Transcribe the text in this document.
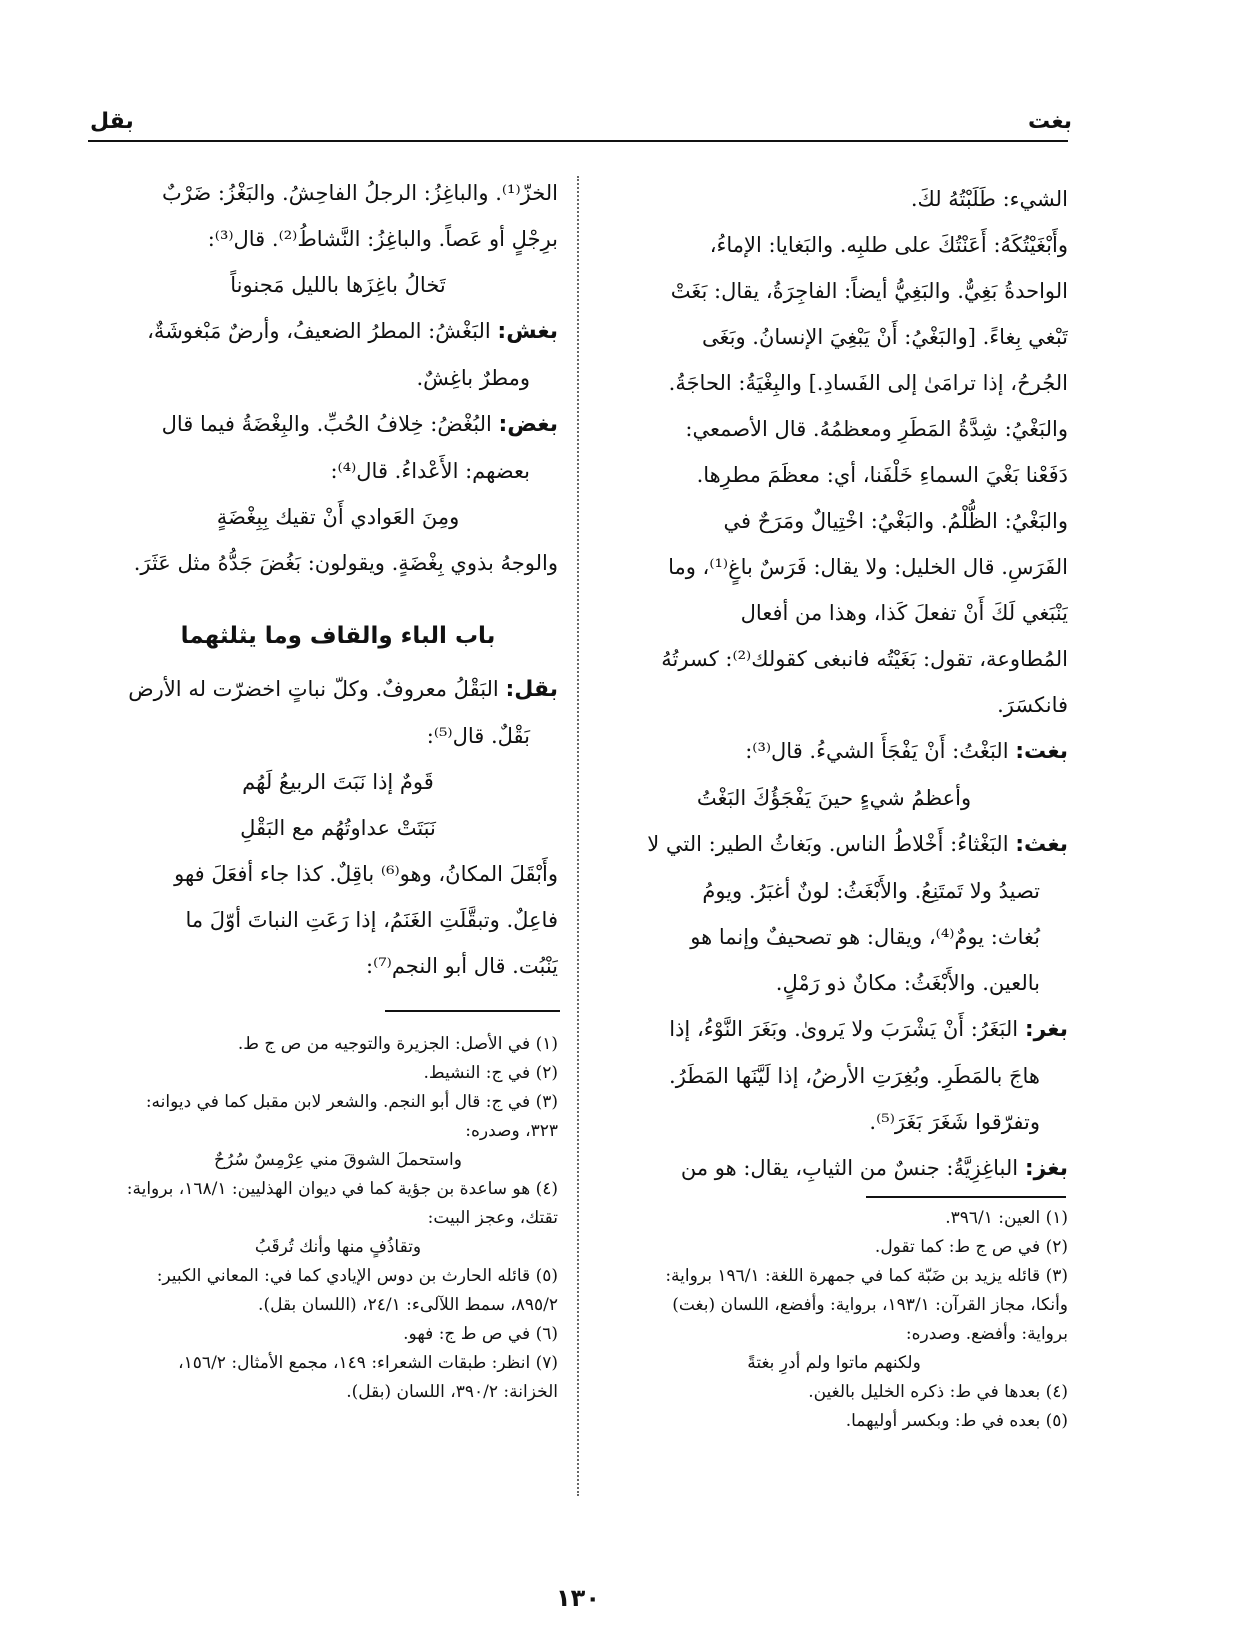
بقل	بغت
الشيء: طَلَبْتُهُ لكَ.
وأَبْغَيْتُكَهُ: أَعَنْتُكَ على طلبِه. والبَغايا: الإماءُ،
الواحدةُ بَغِيٌّ. والبَغِيُّ أيضاً: الفاجِرَةُ، يقال: بَغَتْ
تَبْغي بِغاءً. [والبَغْيُ: أَنْ يَبْغِيَ الإنسانُ. وبَغَى
الجُرحُ، إذا ترامَىٰ إلى الفَسادِ.] والبِغْيَةُ: الحاجَةُ.
والبَغْيُ: شِدَّةُ المَطَرِ ومعظمُهُ. قال الأصمعي:
دَفَعْنا بَغْيَ السماءِ خَلْفَنا، أي: معظَمَ مطرِها.
والبَغْيُ: الظُّلْمُ. والبَغْيُ: اخْتِيالٌ ومَرَحٌ في
الفَرَسِ. قال الخليل: ولا يقال: فَرَسٌ باغٍ⁽¹⁾، وما
يَنْبَغي لَكَ أَنْ تفعلَ كَذا، وهذا من أفعال
المُطاوعة، تقول: بَغَيْتُه فانبغى كقولك⁽²⁾: كسرتُهُ
فانكسَرَ.
بغت: البَغْتُ: أَنْ يَفْجَأَ الشيءُ. قال⁽³⁾:
وأعظمُ شيءٍ حينَ يَفْجَؤُكَ البَغْتُ
بغث: البَغْثاءُ: أَخْلاطُ الناس. وبَغاثُ الطير: التي لا
تصيدُ ولا تَمتَنِعُ. والأَبْغَثُ: لونٌ أغبَرُ. ويومُ
بُغاث: يومٌ⁽⁴⁾، ويقال: هو تصحيفٌ وإنما هو
بالعين. والأَبْغَثُ: مكانٌ ذو رَمْلٍ.
بغر: البَغَرُ: أَنْ يَشْرَبَ ولا يَروىٰ. وبَغَرَ النَّوْءُ، إذا
هاجَ بالمَطَرِ. وبُغِرَتِ الأرضُ، إذا لَيَّنَها المَطَرُ.
وتفرّقوا شَغَرَ بَغَرَ⁽⁵⁾.
بغز: الباغِزِيَّةُ: جنسٌ من الثيابِ، يقال: هو من
الخزّ⁽¹⁾. والباغِزُ: الرجلُ الفاحِشُ. والبَغْزُ: ضَرْبٌ
برِجْلٍ أو عَصاً. والباغِزُ: النَّشاطُ⁽²⁾. قال⁽³⁾:
تَخالُ باغِزَها بالليل مَجنوناً
بغش: البَغْشُ: المطرُ الضعيفُ، وأرضٌ مَبْغوشَةٌ،
ومطرٌ باغِشٌ.
بغض: البُغْضُ: خِلافُ الحُبِّ. والبِغْضَةُ فيما قال
بعضهم: الأَعْداءُ. قال⁽⁴⁾:
ومِنَ العَوادي أَنْ تقيك بِبِغْضَةٍ
والوجهُ بذوي بِغْضَةٍ. ويقولون: بَغُضَ جَدُّهُ مثل عَثَرَ.
باب الباء والقاف وما يثلثهما
بقل: البَقْلُ معروفٌ. وكلّ نباتٍ اخضرّت له الأرض
بَقْلٌ. قال⁽⁵⁾:
قَومٌ إذا نَبَتَ الربيعُ لَهُم
نَبَتَتْ عداوتُهُم مع البَقْلِ
وأَبْقَلَ المكانُ، وهو⁽⁶⁾ باقِلٌ. كذا جاء أفعَلَ فهو
فاعِلٌ. وتبقَّلَتِ الغَنَمُ، إذا رَعَتِ النباتَ أوّلَ ما
يَنْبُت. قال أبو النجم⁽⁷⁾:
(١) في الأصل: الجزيرة والتوجيه من ص ج ط.
(٢) في ج: النشيط.
(٣) في ج: قال أبو النجم. والشعر لابن مقبل كما في ديوانه:
٣٢٣، وصدره:
واستحملَ الشوقَ مني عِرْمِسٌ سُرُحٌ
(٤) هو ساعدة بن جؤية كما في ديوان الهذليين: ١٦٨/١، برواية:
تقتك، وعجز البيت:
وتقاذُفٍ منها وأنك تُرقَبُ
(٥) قائله الحارث بن دوس الإيادي كما في: المعاني الكبير:
٨٩٥/٢، سمط اللآلىء: ٢٤/١، (اللسان بقل).
(٦) في ص ط ج: فهو.
(٧) انظر: طبقات الشعراء: ١٤٩، مجمع الأمثال: ١٥٦/٢،
الخزانة: ٣٩٠/٢، اللسان (بقل).
(١) العين: ٣٩٦/١.
(٢) في ص ج ط: كما تقول.
(٣) قائله يزيد بن ضَبّة كما في جمهرة اللغة: ١٩٦/١ برواية:
وأنكا، مجاز القرآن: ١٩٣/١، برواية: وأفضع، اللسان (بغت)
برواية: وأفضع. وصدره:
ولكنهم ماتوا ولم أدرِ بغتةً
(٤) بعدها في ط: ذكره الخليل بالغين.
(٥) بعده في ط: وبكسر أوليهما.
١٣٠
